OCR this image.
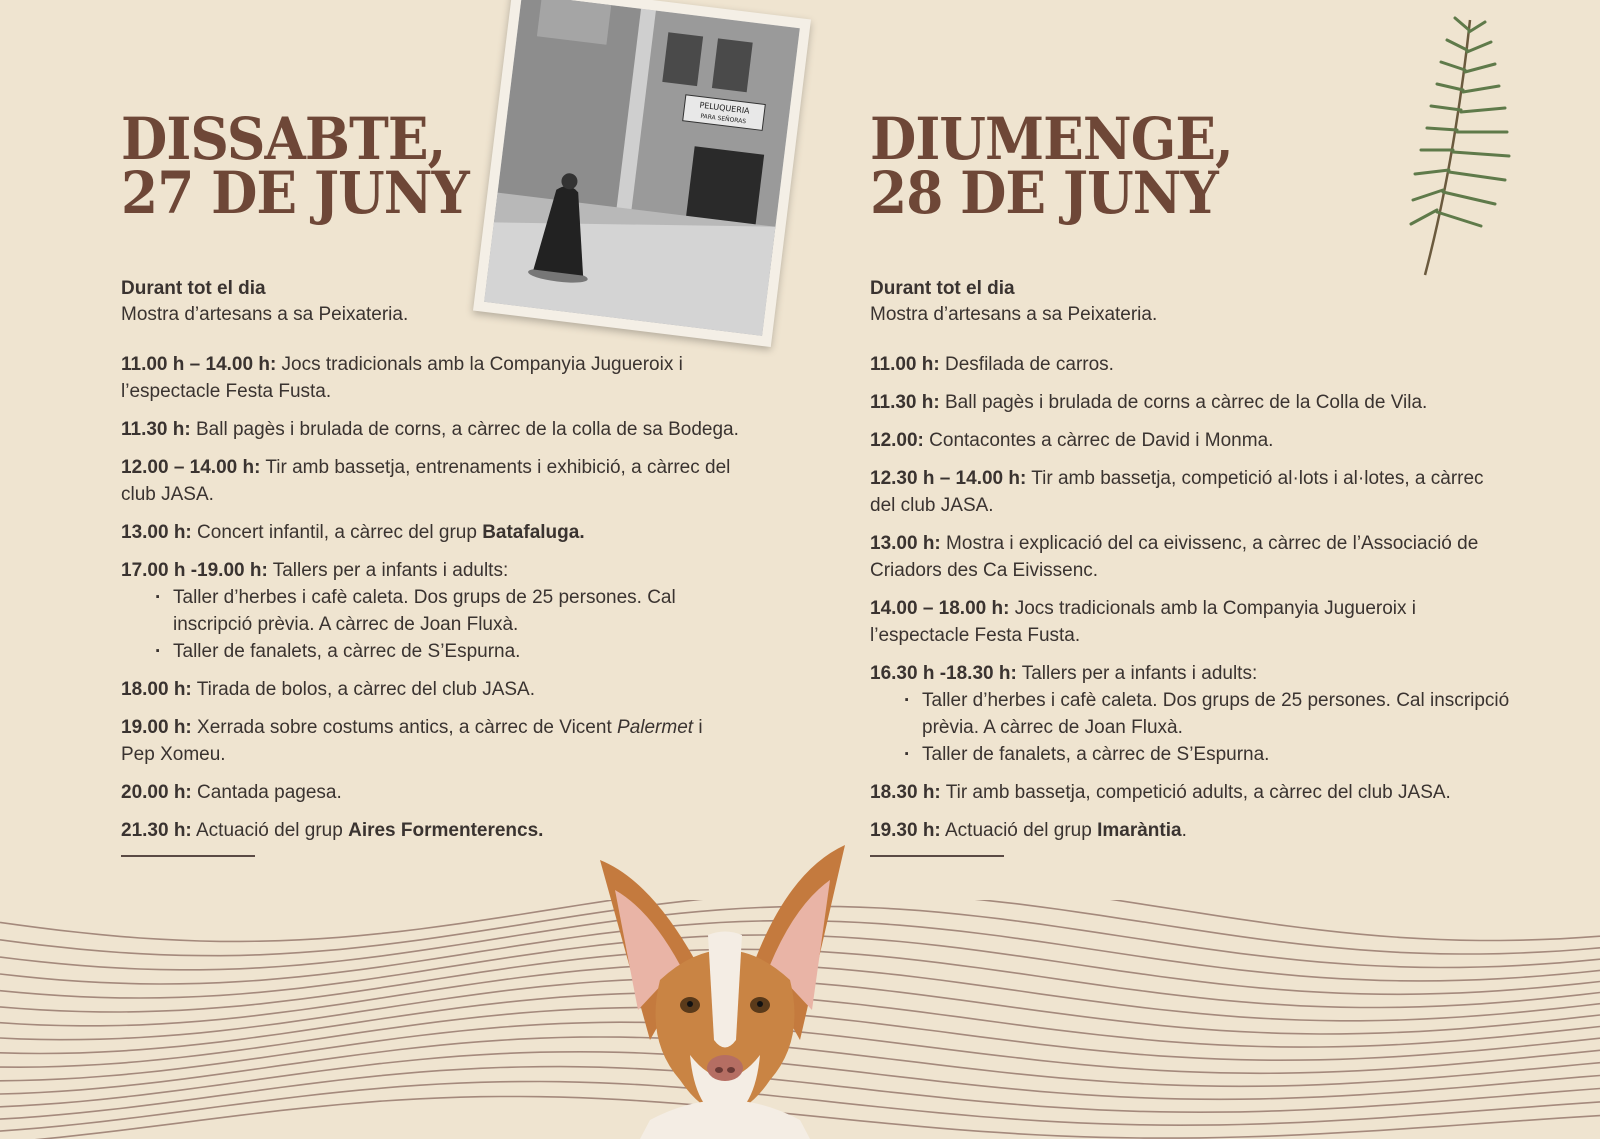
PELUQUERIA
PARA SEÑORAS
DISSABTE,
27 DE JUNY
Durant tot el dia
Mostra d’artesans a sa Peixateria.
11.00 h – 14.00 h: Jocs tradicionals amb la Companyia Jugueroix i l’espectacle Festa Fusta.
11.30 h: Ball pagès i brulada de corns, a càrrec de la colla de sa Bodega.
12.00 – 14.00 h: Tir amb bassetja, entrenaments i exhibició, a càrrec del club JASA.
13.00 h: Concert infantil, a càrrec del grup Batafaluga.
17.00 h -19.00 h: Tallers per a infants i adults:
· Taller d’herbes i cafè caleta. Dos grups de 25 persones. Cal inscripció prèvia. A càrrec de Joan Fluxà.
· Taller de fanalets, a càrrec de S’Espurna.
18.00 h: Tirada de bolos, a càrrec del club JASA.
19.00 h: Xerrada sobre costums antics, a càrrec de Vicent Palermet i Pep Xomeu.
20.00 h: Cantada pagesa.
21.30 h: Actuació del grup Aires Formenterencs.
DIUMENGE,
28 DE JUNY
Durant tot el dia
Mostra d’artesans a sa Peixateria.
11.00 h: Desfilada de carros.
11.30 h: Ball pagès i brulada de corns a càrrec de la Colla de Vila.
12.00: Contacontes a càrrec de David i Monma.
12.30 h – 14.00 h: Tir amb bassetja, competició al·lots i al·lotes, a càrrec del club JASA.
13.00 h: Mostra i explicació del ca eivissenc, a càrrec de l’Associació de Criadors des Ca Eivissenc.
14.00 – 18.00 h: Jocs tradicionals amb la Companyia Jugueroix i l’espectacle Festa Fusta.
16.30 h -18.30 h: Tallers per a infants i adults:
· Taller d’herbes i cafè caleta. Dos grups de 25 persones. Cal inscripció prèvia. A càrrec de Joan Fluxà.
· Taller de fanalets, a càrrec de S’Espurna.
18.30 h: Tir amb bassetja, competició adults, a càrrec del club JASA.
19.30 h: Actuació del grup Imaràntia.
